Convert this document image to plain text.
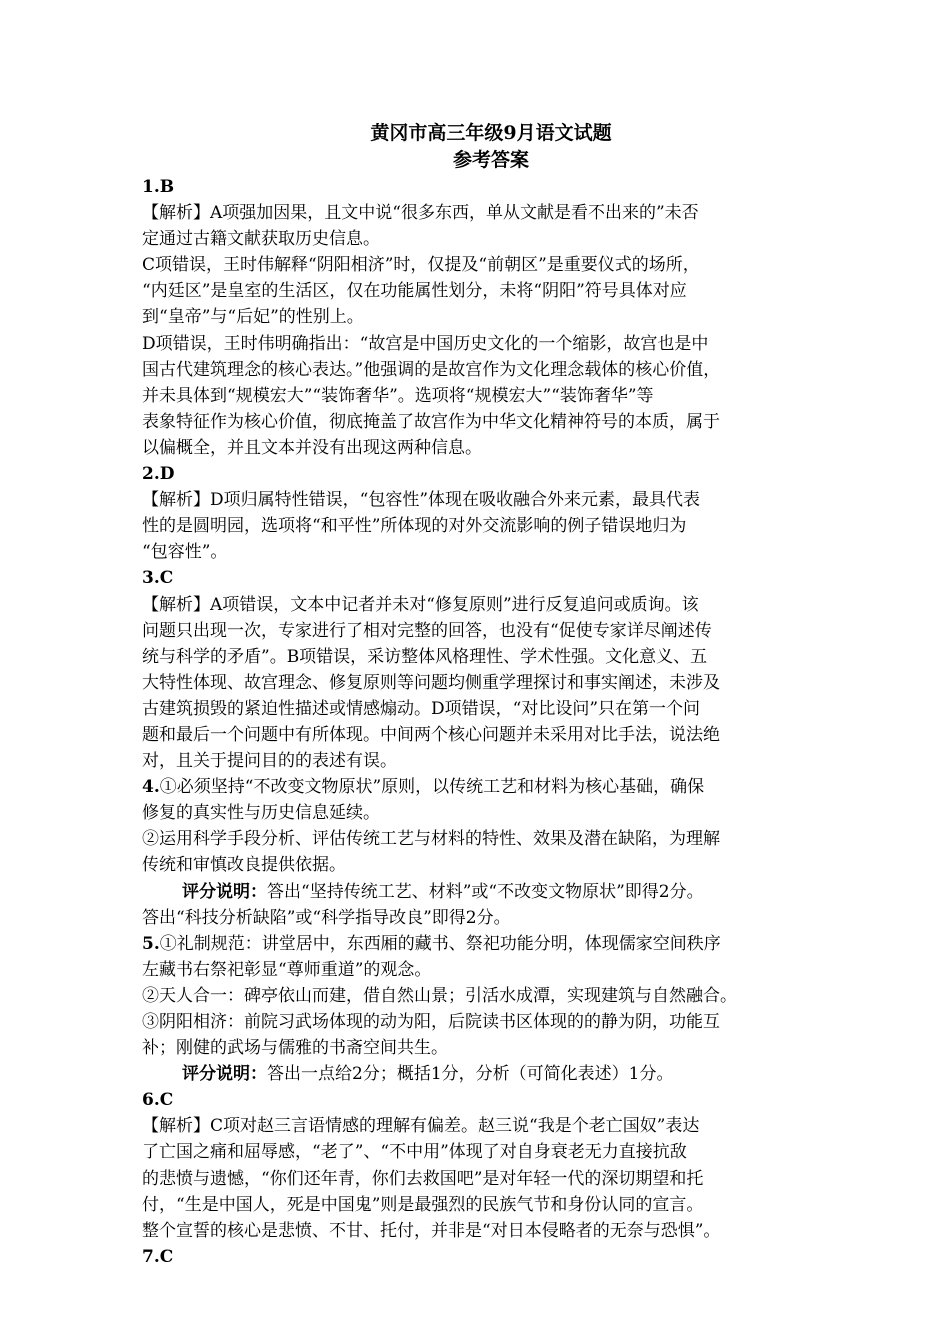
黄冈市高三年级9月语文试题
参考答案
1.B
【解析】A项强加因果，且文中说“很多东西，单从文献是看不出来的”未否
定通过古籍文献获取历史信息。
C项错误，王时伟解释“阴阳相济”时，仅提及“前朝区”是重要仪式的场所，
“内廷区”是皇室的生活区，仅在功能属性划分，未将“阴阳”符号具体对应
到“皇帝”与“后妃”的性别上。
D项错误，王时伟明确指出：“故宫是中国历史文化的一个缩影，故宫也是中
国古代建筑理念的核心表达。”他强调的是故宫作为文化理念载体的核心价值，
并未具体到“规模宏大”“装饰奢华”。选项将“规模宏大”“装饰奢华”等
表象特征作为核心价值，彻底掩盖了故宫作为中华文化精神符号的本质，属于
以偏概全，并且文本并没有出现这两种信息。
2.D
【解析】D项归属特性错误，“包容性”体现在吸收融合外来元素，最具代表
性的是圆明园，选项将“和平性”所体现的对外交流影响的例子错误地归为
“包容性”。
3.C
【解析】A项错误，文本中记者并未对“修复原则”进行反复追问或质询。该
问题只出现一次，专家进行了相对完整的回答，也没有“促使专家详尽阐述传
统与科学的矛盾”。B项错误，采访整体风格理性、学术性强。文化意义、五
大特性体现、故宫理念、修复原则等问题均侧重学理探讨和事实阐述，未涉及
古建筑损毁的紧迫性描述或情感煽动。D项错误，“对比设问”只在第一个问
题和最后一个问题中有所体现。中间两个核心问题并未采用对比手法，说法绝
对，且关于提问目的的表述有误。
4.①必须坚持“不改变文物原状”原则，以传统工艺和材料为核心基础，确保
修复的真实性与历史信息延续。
②运用科学手段分析、评估传统工艺与材料的特性、效果及潜在缺陷，为理解
传统和审慎改良提供依据。
评分说明：答出“坚持传统工艺、材料”或“不改变文物原状”即得2分。
答出“科技分析缺陷”或“科学指导改良”即得2分。
5.①礼制规范：讲堂居中，东西厢的藏书、祭祀功能分明，体现儒家空间秩序
左藏书右祭祀彰显“尊师重道”的观念。
②天人合一：碑亭依山而建，借自然山景；引活水成潭，实现建筑与自然融合。
③阴阳相济：前院习武场体现的动为阳，后院读书区体现的的静为阴，功能互
补；刚健的武场与儒雅的书斋空间共生。
评分说明：答出一点给2分；概括1分，分析（可简化表述）1分。
6.C
【解析】C项对赵三言语情感的理解有偏差。赵三说“我是个老亡国奴”表达
了亡国之痛和屈辱感，“老了”、“不中用”体现了对自身衰老无力直接抗敌
的悲愤与遗憾，“你们还年青，你们去救国吧”是对年轻一代的深切期望和托
付，“生是中国人，死是中国鬼”则是最强烈的民族气节和身份认同的宣言。
整个宣誓的核心是悲愤、不甘、托付，并非是“对日本侵略者的无奈与恐惧”。
7.C
